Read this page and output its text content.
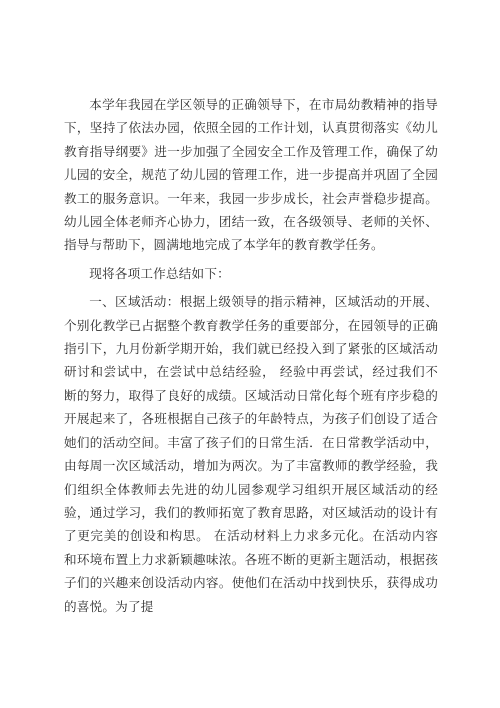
本学年我园在学区领导的正确领导下，在市局幼教精神的指导下，坚持了依法办园，依照全园的工作计划，认真贯彻落实《幼儿教育指导纲要》进一步加强了全园安全工作及管理工作，确保了幼儿园的安全，规范了幼儿园的管理工作，进一步提高并巩固了全园教工的服务意识。一年来，我园一步步成长，社会声誉稳步提高。幼儿园全体老师齐心协力，团结一致，在各级领导、老师的关怀、指导与帮助下，圆满地地完成了本学年的教育教学任务。

现将各项工作总结如下：

一、区域活动：根据上级领导的指示精神，区域活动的开展、个别化教学已占据整个教育教学任务的重要部分，在园领导的正确指引下，九月份新学期开始，我们就已经投入到了紧张的区域活动研讨和尝试中，在尝试中总结经验， 经验中再尝试，经过我们不断的努力，取得了良好的成绩。区域活动日常化每个班有序步稳的开展起来了，各班根据自己孩子的年龄特点，为孩子们创设了适合她们的活动空间。丰富了孩子们的日常生活．在日常教学活动中，由每周一次区域活动，增加为两次。为了丰富教师的教学经验，我们组织全体教师去先进的幼儿园参观学习组织开展区域活动的经验，通过学习，我们的教师拓宽了教育思路，对区域活动的设计有了更完美的创设和构思。 在活动材料上力求多元化。在活动内容和环境布置上力求新颖趣味浓。各班不断的更新主题活动，根据孩子们的兴趣来创设活动内容。使他们在活动中找到快乐，获得成功的喜悦。为了提
